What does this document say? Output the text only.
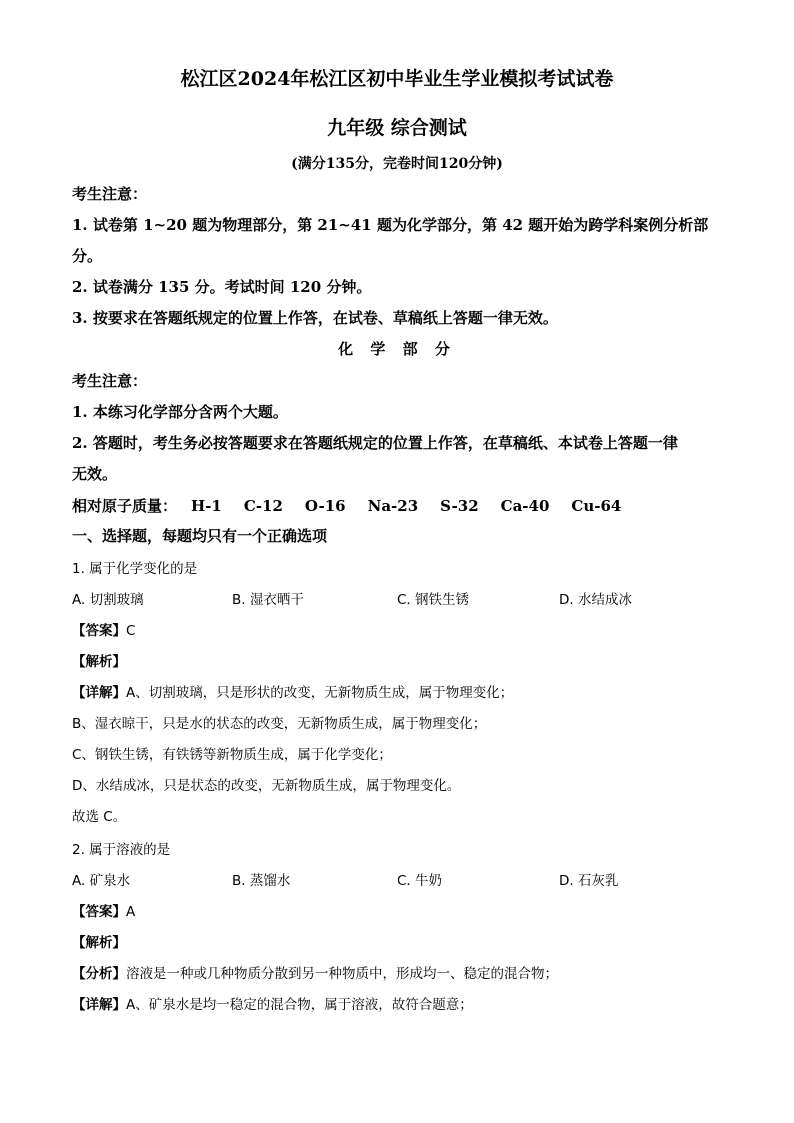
松江区2024年松江区初中毕业生学业模拟考试试卷
九年级 综合测试
(满分135分，完卷时间120分钟)
考生注意：
1. 试卷第 1~20 题为物理部分，第 21~41 题为化学部分，第 42 题开始为跨学科案例分析部
分。
2. 试卷满分 135 分。考试时间 120 分钟。
3. 按要求在答题纸规定的位置上作答，在试卷、草稿纸上答题一律无效。
化 学 部 分
考生注意：
1. 本练习化学部分含两个大题。
2. 答题时，考生务必按答题要求在答题纸规定的位置上作答，在草稿纸、本试卷上答题一律
无效。
相对原子质量： H-1 C-12 O-16 Na-23 S-32 Ca-40 Cu-64
一、选择题，每题均只有一个正确选项
1. 属于化学变化的是
A. 切割玻璃	B. 湿衣晒干	C. 钢铁生锈	D. 水结成冰
【答案】C
【解析】
【详解】A、切割玻璃，只是形状的改变，无新物质生成，属于物理变化；
B、湿衣晾干，只是水的状态的改变，无新物质生成，属于物理变化；
C、钢铁生锈，有铁锈等新物质生成，属于化学变化；
D、水结成冰，只是状态的改变，无新物质生成，属于物理变化。
故选 C。
2. 属于溶液的是
A. 矿泉水	B. 蒸馏水	C. 牛奶	D. 石灰乳
【答案】A
【解析】
【分析】溶液是一种或几种物质分散到另一种物质中，形成均一、稳定的混合物；
【详解】A、矿泉水是均一稳定的混合物，属于溶液，故符合题意；
